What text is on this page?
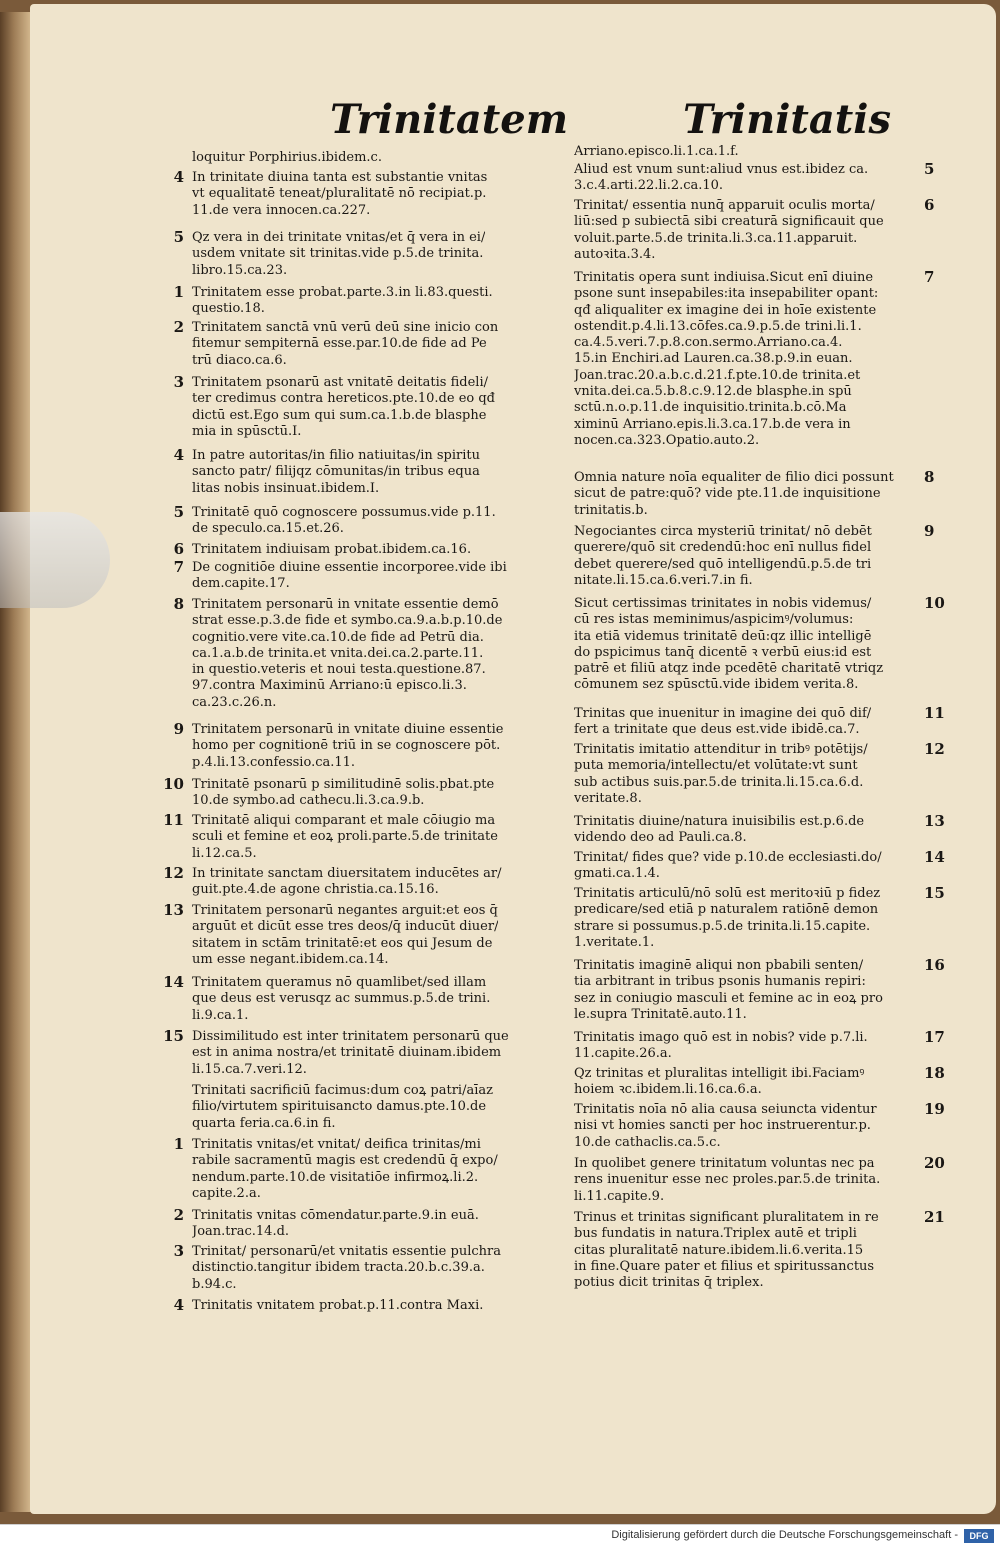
Trinitatem	Trinitatis
loquitur Porphirius.ibidem.c.
In trinitate diuina tanta est substantie vnitas
vt equalitatē teneat/pluralitatē nō recipiat.p.
11.de vera innocen.ca.227.
Qz vera in dei trinitate vnitas/et q̄ vera in ei/
usdem vnitate sit trinitas.vide p.5.de trinita.
libro.15.ca.23.
Trinitatem esse probat.parte.3.in li.83.questi.
questio.18.
Trinitatem sanctā vnū verū deū sine inicio con
fitemur sempiternā esse.par.10.de fide ad Pe
trū diaco.ca.6.
Trinitatem psonarū ast vnitatē deitatis fideli/
ter credimus contra hereticos.pte.10.de eo qđ
dictū est.Ego sum qui sum.ca.1.b.de blasphe
mia in spūsctū.I.
In patre autoritas/in filio natiuitas/in spiritu
sancto patr/ filijqz cōmunitas/in tribus equa
litas nobis insinuat.ibidem.I.
Trinitatē quō cognoscere possumus.vide p.11.
de speculo.ca.15.et.26.
Trinitatem indiuisam probat.ibidem.ca.16.
De cognitiōe diuine essentie incorporee.vide ibi
dem.capite.17.
Trinitatem personarū in vnitate essentie demō
strat esse.p.3.de fide et symbo.ca.9.a.b.p.10.de
cognitio.vere vite.ca.10.de fide ad Petrū dia.
ca.1.a.b.de trinita.et vnita.dei.ca.2.parte.11.
in questio.veteris et noui testa.questione.87.
97.contra Maximinū Arriano:ū episco.li.3.
ca.23.c.26.n.
Trinitatem personarū in vnitate diuine essentie
homo per cognitionē triū in se cognoscere pōt.
p.4.li.13.confessio.ca.11.
Trinitatē psonarū p similitudinē solis.pbat.pte
10.de symbo.ad cathecu.li.3.ca.9.b.
Trinitatē aliqui comparant et male cōiugio ma
sculi et femine et eoꝝ proli.parte.5.de trinitate
li.12.ca.5.
In trinitate sanctam diuersitatem inducētes ar/
guit.pte.4.de agone christia.ca.15.16.
Trinitatem personarū negantes arguit:et eos q̄
arguūt et dicūt esse tres deos/q̄ inducūt diuer/
sitatem in sctām trinitatē:et eos qui Jesum de
um esse negant.ibidem.ca.14.
Trinitatem queramus nō quamlibet/sed illam
que deus est verusqz ac summus.p.5.de trini.
li.9.ca.1.
Dissimilitudo est inter trinitatem personarū que
est in anima nostra/et trinitatē diuinam.ibidem
li.15.ca.7.veri.12.
Trinitati sacrificiū facimus:dum coꝝ patri/aīaz
filio/virtutem spirituisancto damus.pte.10.de
quarta feria.ca.6.in fi.
Trinitatis vnitas/et vnitat/ deifica trinitas/mi
rabile sacramentū magis est credendū q̄ expo/
nendum.parte.10.de visitatiōe infirmoꝝ.li.2.
capite.2.a.
Trinitatis vnitas cōmendatur.parte.9.in euā.
Joan.trac.14.d.
Trinitat/ personarū/et vnitatis essentie pulchra
distinctio.tangitur ibidem tracta.20.b.c.39.a.
b.94.c.
Trinitatis vnitatem probat.p.11.contra Maxi.
Arriano.episco.li.1.ca.1.f.
Aliud est vnum sunt:aliud vnus est.ibidez ca.
3.c.4.arti.22.li.2.ca.10.
Trinitat/ essentia nunq̄ apparuit oculis morta/
liū:sed p subiectā sibi creaturā significauit que
voluit.parte.5.de trinita.li.3.ca.11.apparuit.
autoꝛita.3.4.
Trinitatis opera sunt indiuisa.Sicut enī diuine
psone sunt insepabiles:ita insepabiliter opant:
qđ aliqualiter ex imagine dei in hoīe existente
ostendit.p.4.li.13.cōfes.ca.9.p.5.de trini.li.1.
ca.4.5.veri.7.p.8.con.sermo.Arriano.ca.4.
15.in Enchiri.ad Lauren.ca.38.p.9.in euan.
Joan.trac.20.a.b.c.d.21.f.pte.10.de trinita.et
vnita.dei.ca.5.b.8.c.9.12.de blasphe.in spū
sctū.n.o.p.11.de inquisitio.trinita.b.cō.Ma
ximinū Arriano.epis.li.3.ca.17.b.de vera in
nocen.ca.323.Opatio.auto.2.
Omnia nature noīa equaliter de filio dici possunt
sicut de patre:quō? vide pte.11.de inquisitione
trinitatis.b.
Negociantes circa mysteriū trinitat/ nō debēt
querere/quō sit credendū:hoc enī nullus fidel
debet querere/sed quō intelligendū.p.5.de tri
nitate.li.15.ca.6.veri.7.in fi.
Sicut certissimas trinitates in nobis videmus/
cū res istas meminimus/aspicimꝰ/volumus:
ita etiā videmus trinitatē deū:qz illic intelligē
do pspicimus tanq̄ dicentē ꝛ verbū eius:id est
patrē et filiū atqz inde pcedētē charitatē vtriqz
cōmunem sez spūsctū.vide ibidem verita.8.
Trinitas que inuenitur in imagine dei quō dif/
fert a trinitate que deus est.vide ibidē.ca.7.
Trinitatis imitatio attenditur in tribꝰ potētijs/
puta memoria/intellectu/et volūtate:vt sunt
sub actibus suis.par.5.de trinita.li.15.ca.6.d.
veritate.8.
Trinitatis diuine/natura inuisibilis est.p.6.de
videndo deo ad Pauli.ca.8.
Trinitat/ fides que? vide p.10.de ecclesiasti.do/
gmati.ca.1.4.
Trinitatis articulū/nō solū est meritoꝛiū p fidez
predicare/sed etiā p naturalem ratiōnē demon
strare si possumus.p.5.de trinita.li.15.capite.
1.veritate.1.
Trinitatis imaginē aliqui non pbabili senten/
tia arbitrant in tribus psonis humanis repiri:
sez in coniugio masculi et femine ac in eoꝝ pro
le.supra Trinitatē.auto.11.
Trinitatis imago quō est in nobis? vide p.7.li.
11.capite.26.a.
Qz trinitas et pluralitas intelligit ibi.Faciamꝰ
hoiem ꝛc.ibidem.li.16.ca.6.a.
Trinitatis noīa nō alia causa seiuncta videntur
nisi vt homies sancti per hoc instruerentur.p.
10.de cathaclis.ca.5.c.
In quolibet genere trinitatum voluntas nec pa
rens inuenitur esse nec proles.par.5.de trinita.
li.11.capite.9.
Trinus et trinitas significant pluralitatem in re
bus fundatis in natura.Triplex autē et tripli
citas pluralitatē nature.ibidem.li.6.verita.15
in fine.Quare pater et filius et spiritussanctus
potius dicit trinitas q̄ triplex.
4
5
1
2
3
4
5
6
7
8
9
10
11
12
13
14
15
1
2
3
4
5
6
7
8
9
10
11
12
13
14
15
16
17
18
19
20
21
Digitalisierung gefördert durch die Deutsche Forschungsgemeinschaft -	DFG
